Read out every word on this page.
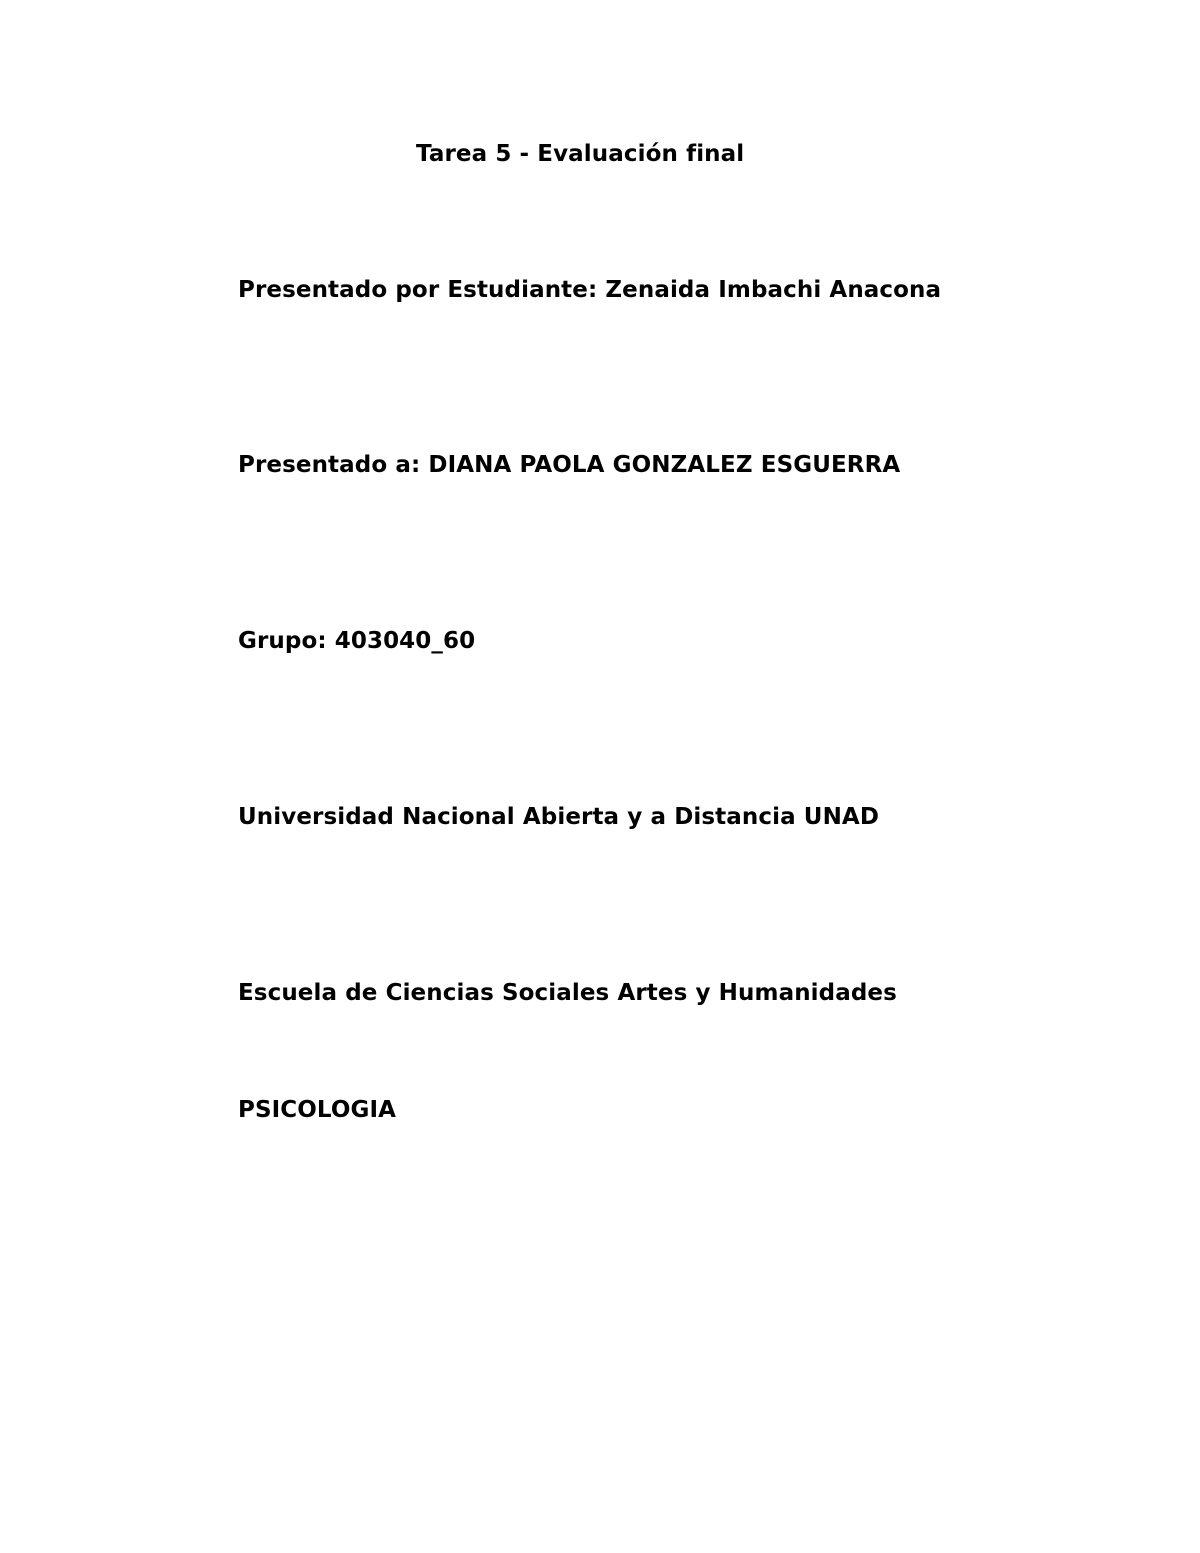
Tarea 5 - Evaluación final
Presentado por Estudiante: Zenaida Imbachi Anacona
Presentado a: DIANA PAOLA GONZALEZ ESGUERRA
Grupo: 403040_60
Universidad Nacional Abierta y a Distancia UNAD
Escuela de Ciencias Sociales Artes y Humanidades
PSICOLOGIA
